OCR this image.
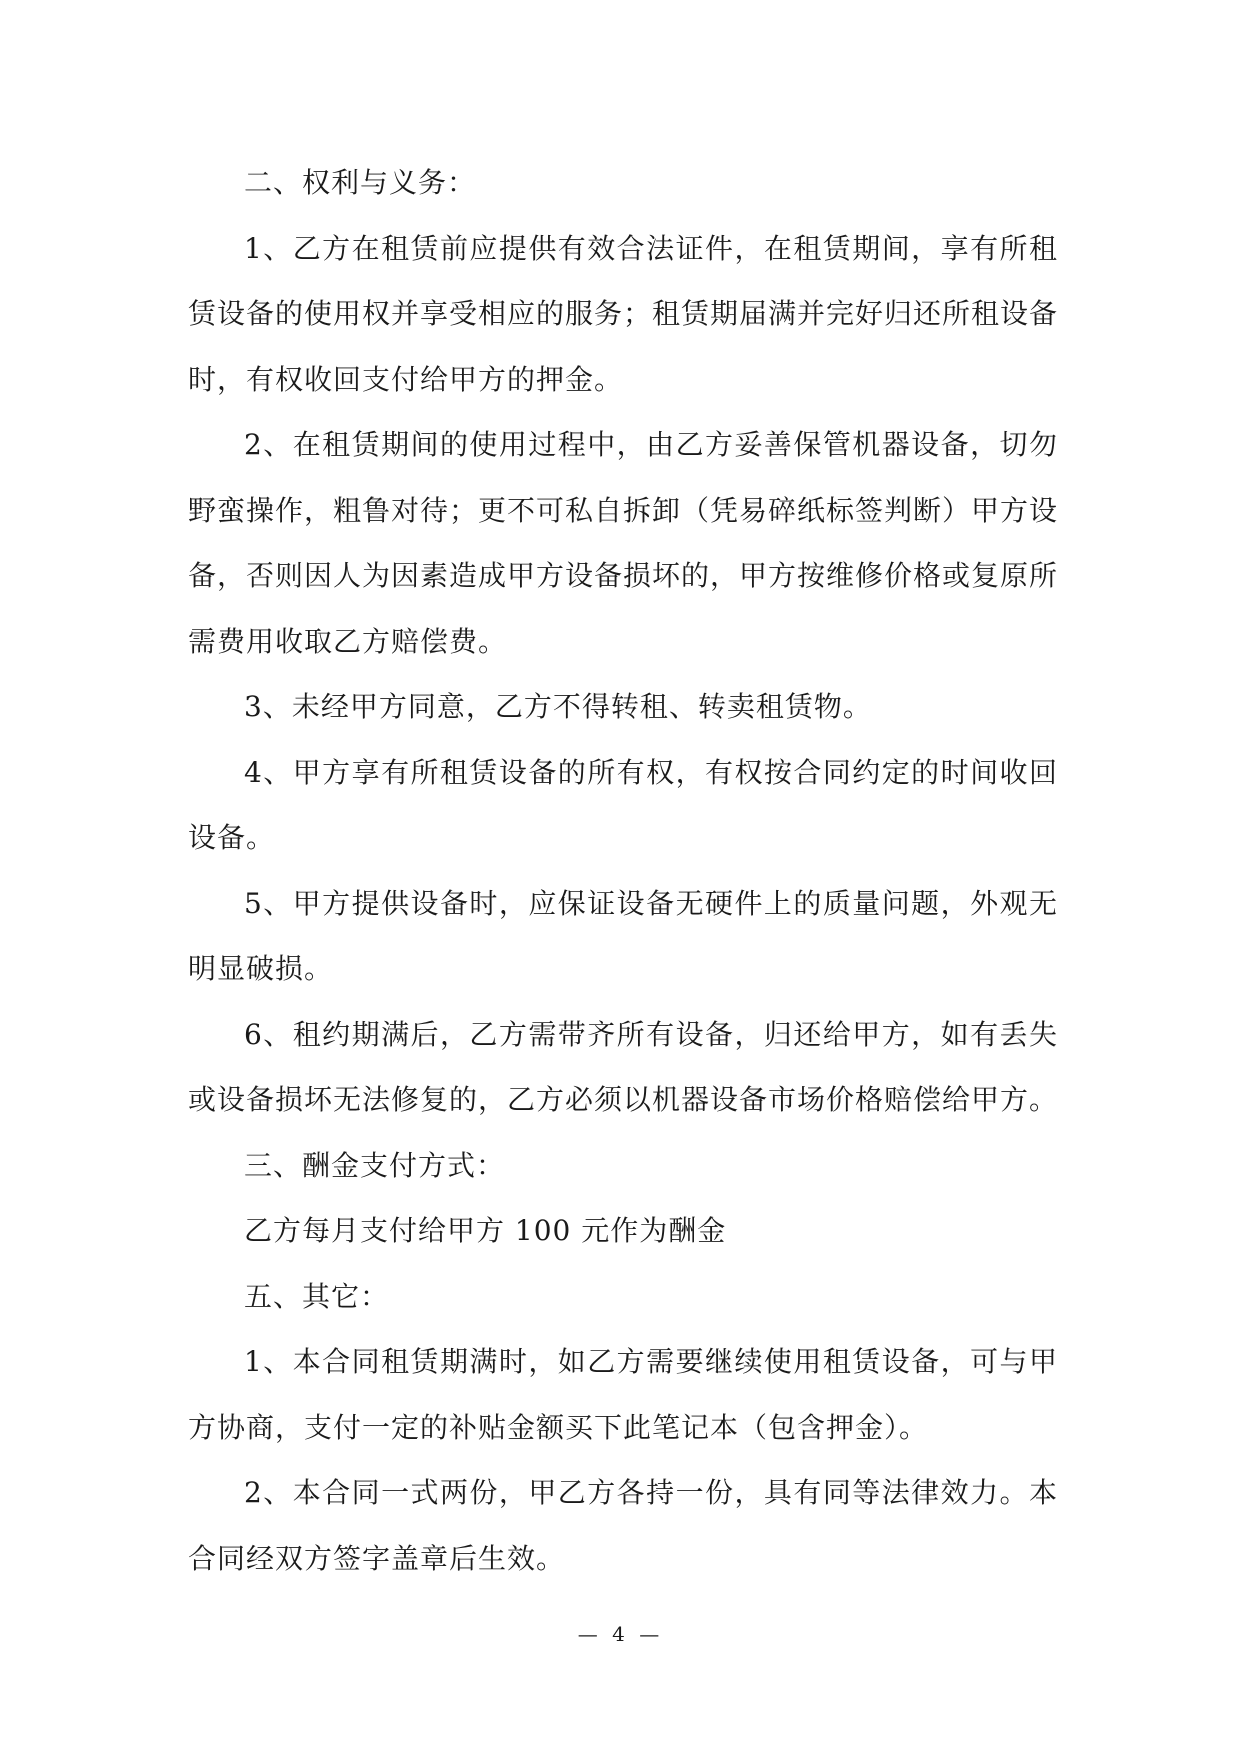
二、权利与义务：

1、乙方在租赁前应提供有效合法证件，在租赁期间，享有所租赁设备的使用权并享受相应的服务；租赁期届满并完好归还所租设备时，有权收回支付给甲方的押金。

2、在租赁期间的使用过程中，由乙方妥善保管机器设备，切勿野蛮操作，粗鲁对待；更不可私自拆卸（凭易碎纸标签判断）甲方设备，否则因人为因素造成甲方设备损坏的，甲方按维修价格或复原所需费用收取乙方赔偿费。

3、未经甲方同意，乙方不得转租、转卖租赁物。

4、甲方享有所租赁设备的所有权，有权按合同约定的时间收回设备。

5、甲方提供设备时，应保证设备无硬件上的质量问题，外观无明显破损。

6、租约期满后，乙方需带齐所有设备，归还给甲方，如有丢失或设备损坏无法修复的，乙方必须以机器设备市场价格赔偿给甲方。

三、酬金支付方式：

乙方每月支付给甲方 100 元作为酬金

五、其它：

1、本合同租赁期满时，如乙方需要继续使用租赁设备，可与甲方协商，支付一定的补贴金额买下此笔记本（包含押金）。

2、本合同一式两份，甲乙方各持一份，具有同等法律效力。本合同经双方签字盖章后生效。

— 4 —
